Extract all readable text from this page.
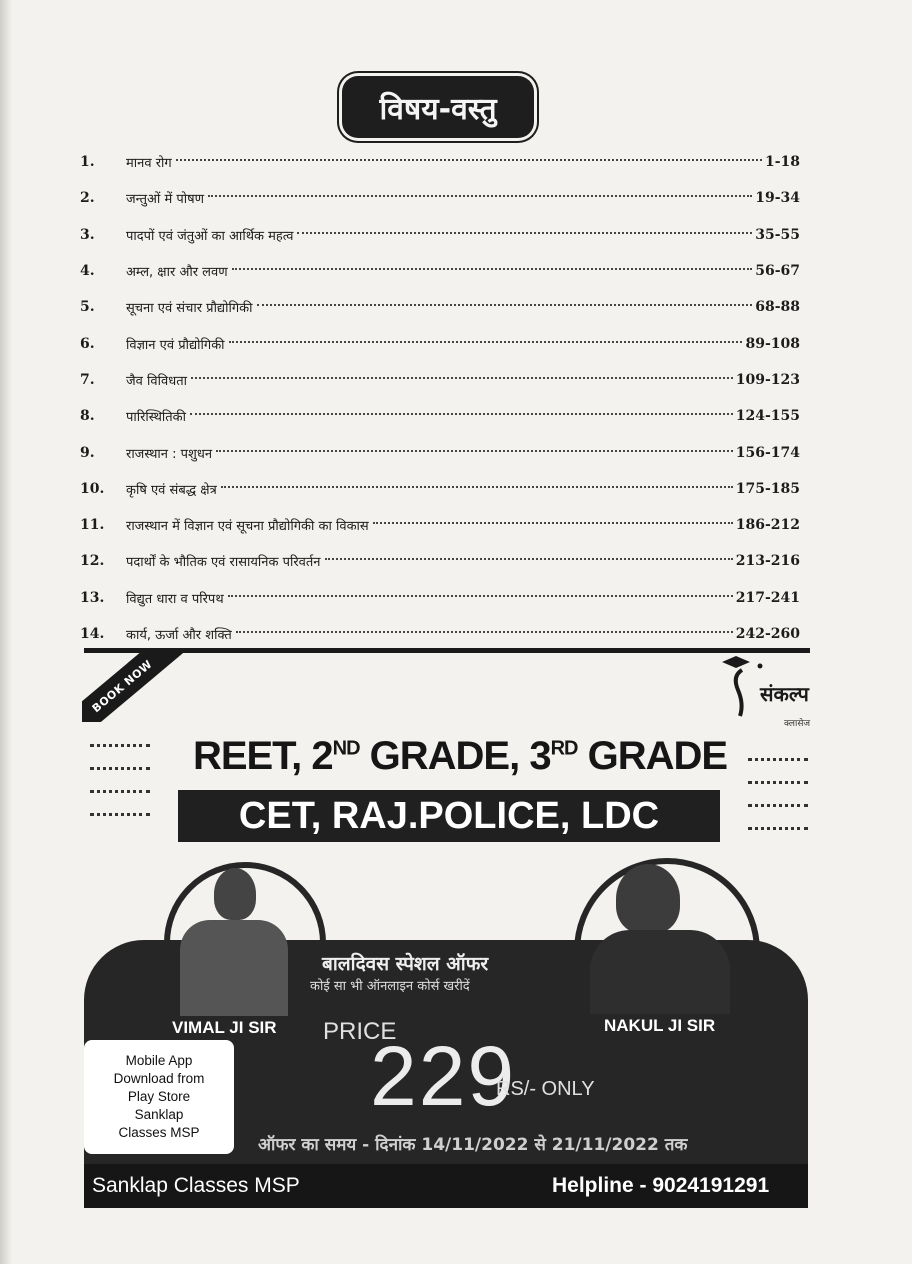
विषय-वस्तु
1.	मानव रोग	1-18
2.	जन्तुओं में पोषण	19-34
3.	पादपों एवं जंतुओं का आर्थिक महत्व	35-55
4.	अम्ल, क्षार और लवण	56-67
5.	सूचना एवं संचार प्रौद्योगिकी	68-88
6.	विज्ञान एवं प्रौद्योगिकी	89-108
7.	जैव विविधता	109-123
8.	पारिस्थितिकी	124-155
9.	राजस्थान : पशुधन	156-174
10.	कृषि एवं संबद्ध क्षेत्र	175-185
11.	राजस्थान में विज्ञान एवं सूचना प्रौद्योगिकी का विकास	186-212
12.	पदार्थों के भौतिक एवं रासायनिक परिवर्तन	213-216
13.	विद्युत धारा व परिपथ	217-241
14.	कार्य, ऊर्जा और शक्ति	242-260
BOOK NOW	संकल्प
क्लासेज
REET, 2ND GRADE, 3RD GRADE
CET, RAJ.POLICE, LDC
बालदिवस स्पेशल ऑफर
कोई सा भी ऑनलाइन कोर्स खरीदें
VIMAL JI SIR	NAKUL JI SIR
PRICE
229
RS/- ONLY
ऑफर का समय - दिनांक 14/11/2022 से 21/11/2022 तक
Mobile App
Download from
Play Store
Sanklap
Classes MSP
Sanklap Classes MSP	Helpline - 9024191291
